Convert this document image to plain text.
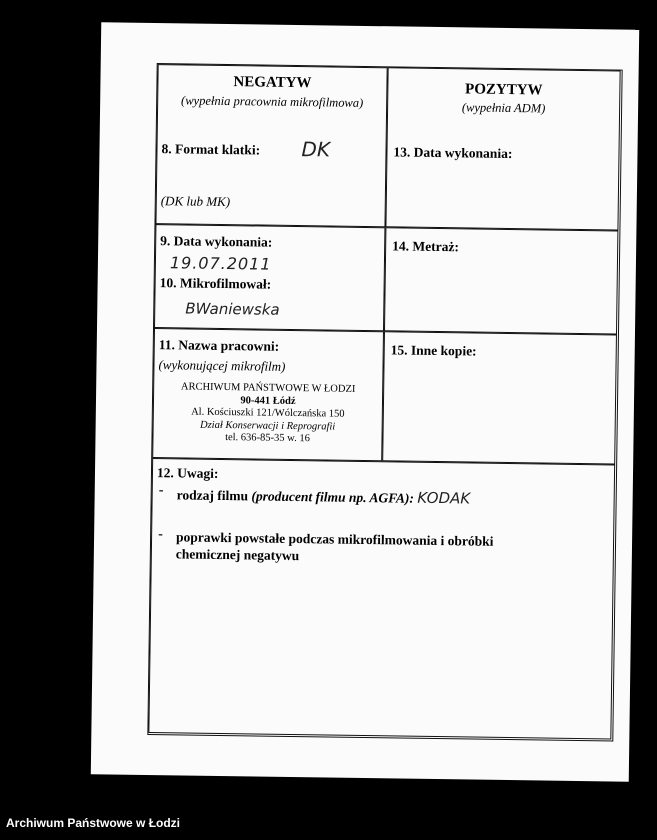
NEGATYW
(wypełnia pracownia mikrofilmowa)
8. Format klatki: DK
(DK lub MK)
POZYTYW
(wypełnia ADM)
13. Data wykonania:
9. Data wykonania:
19.07.2011
10. Mikrofilmował:
BWaniewska
14. Metraż:
11. Nazwa pracowni:
(wykonującej mikrofilm)
ARCHIWUM PAŃSTWOWE W ŁODZI
90-441 Łódź
Al. Kościuszki 121/Wólczańska 150
Dział Konserwacji i Reprografii
tel. 636-85-35 w. 16
15. Inne kopie:
12. Uwagi:
- rodzaj filmu (producent filmu np. AGFA): KODAK
- poprawki powstałe podczas mikrofilmowania i obróbki
chemicznej negatywu
Archiwum Państwowe w Łodzi
